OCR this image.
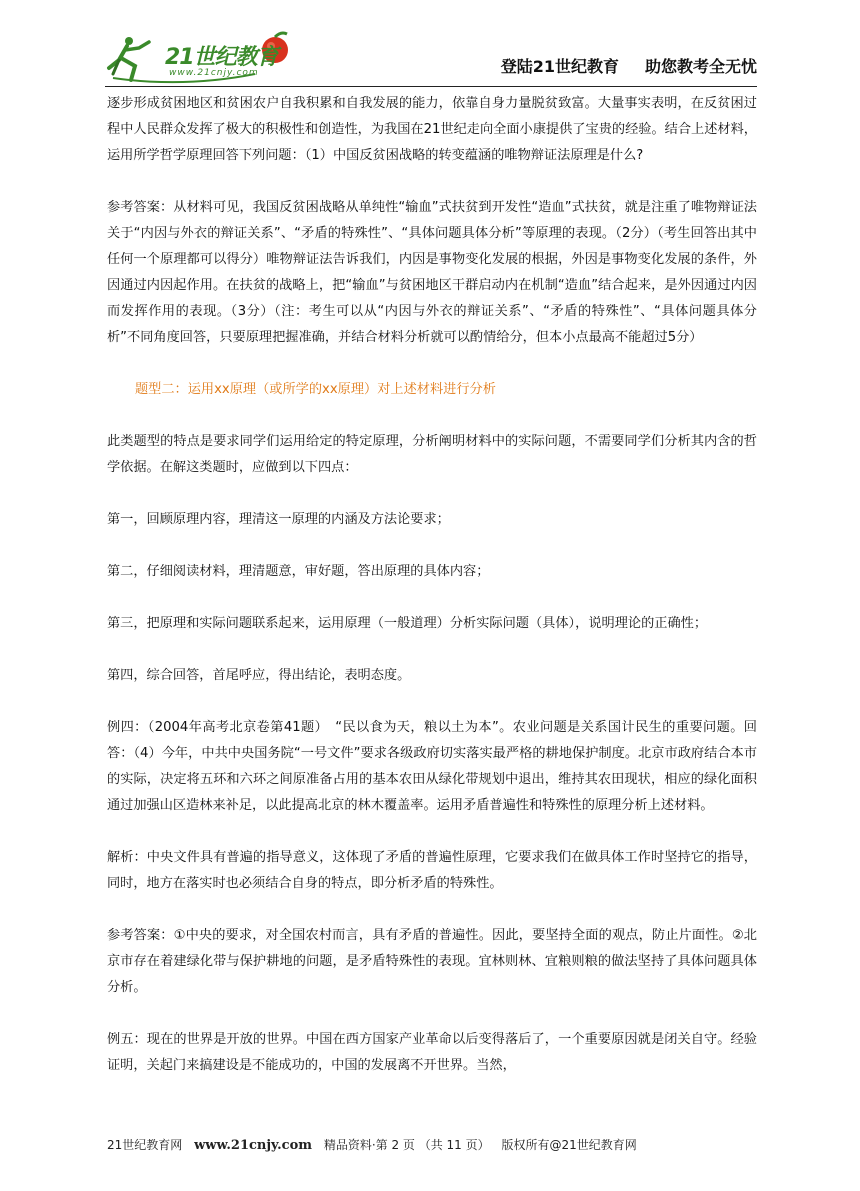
21世纪教育
www.21cnjy.com	登陆21世纪教育 助您教考全无忧

逐步形成贫困地区和贫困农户自我积累和自我发展的能力，依靠自身力量脱贫致富。大量事实表明，在反贫困过程中人民群众发挥了极大的积极性和创造性，为我国在21世纪走向全面小康提供了宝贵的经验。结合上述材料，运用所学哲学原理回答下列问题：（1）中国反贫困战略的转变蕴涵的唯物辩证法原理是什么?

参考答案：从材料可见，我国反贫困战略从单纯性“输血”式扶贫到开发性“造血”式扶贫，就是注重了唯物辩证法关于“内因与外衣的辩证关系”、“矛盾的特殊性”、“具体问题具体分析”等原理的表现。（2分）（考生回答出其中任何一个原理都可以得分）唯物辩证法告诉我们，内因是事物变化发展的根据，外因是事物变化发展的条件，外因通过内因起作用。在扶贫的战略上，把“输血”与贫困地区干群启动内在机制“造血”结合起来，是外因通过内因而发挥作用的表现。（3分）（注：考生可以从“内因与外衣的辩证关系”、“矛盾的特殊性”、“具体问题具体分析”不同角度回答，只要原理把握准确，并结合材料分析就可以酌情给分，但本小点最高不能超过5分）

题型二：运用xx原理（或所学的xx原理）对上述材料进行分析

此类题型的特点是要求同学们运用给定的特定原理，分析阐明材料中的实际问题，不需要同学们分析其内含的哲学依据。在解这类题时，应做到以下四点：

第一，回顾原理内容，理清这一原理的内涵及方法论要求；

第二，仔细阅读材料，理清题意，审好题，答出原理的具体内容；

第三，把原理和实际问题联系起来，运用原理（一般道理）分析实际问题（具体），说明理论的正确性；

第四，综合回答，首尾呼应，得出结论，表明态度。

例四：（2004年高考北京卷第41题）　“民以食为天，粮以土为本”。农业问题是关系国计民生的重要问题。回答：（4）今年，中共中央国务院“一号文件”要求各级政府切实落实最严格的耕地保护制度。北京市政府结合本市的实际，决定将五环和六环之间原准备占用的基本农田从绿化带规划中退出，维持其农田现状，相应的绿化面积通过加强山区造林来补足，以此提高北京的林木覆盖率。运用矛盾普遍性和特殊性的原理分析上述材料。

解析：中央文件具有普遍的指导意义，这体现了矛盾的普遍性原理，它要求我们在做具体工作时坚持它的指导，同时，地方在落实时也必须结合自身的特点，即分析矛盾的特殊性。

参考答案：①中央的要求，对全国农村而言，具有矛盾的普遍性。因此，要坚持全面的观点，防止片面性。②北京市存在着建绿化带与保护耕地的问题，是矛盾特殊性的表现。宜林则林、宜粮则粮的做法坚持了具体问题具体分析。

例五：现在的世界是开放的世界。中国在西方国家产业革命以后变得落后了，一个重要原因就是闭关自守。经验证明，关起门来搞建设是不能成功的，中国的发展离不开世界。当然，

21世纪教育网 www.21cnjy.com 精品资料·第 2 页 （共 11 页） 版权所有@21世纪教育网
